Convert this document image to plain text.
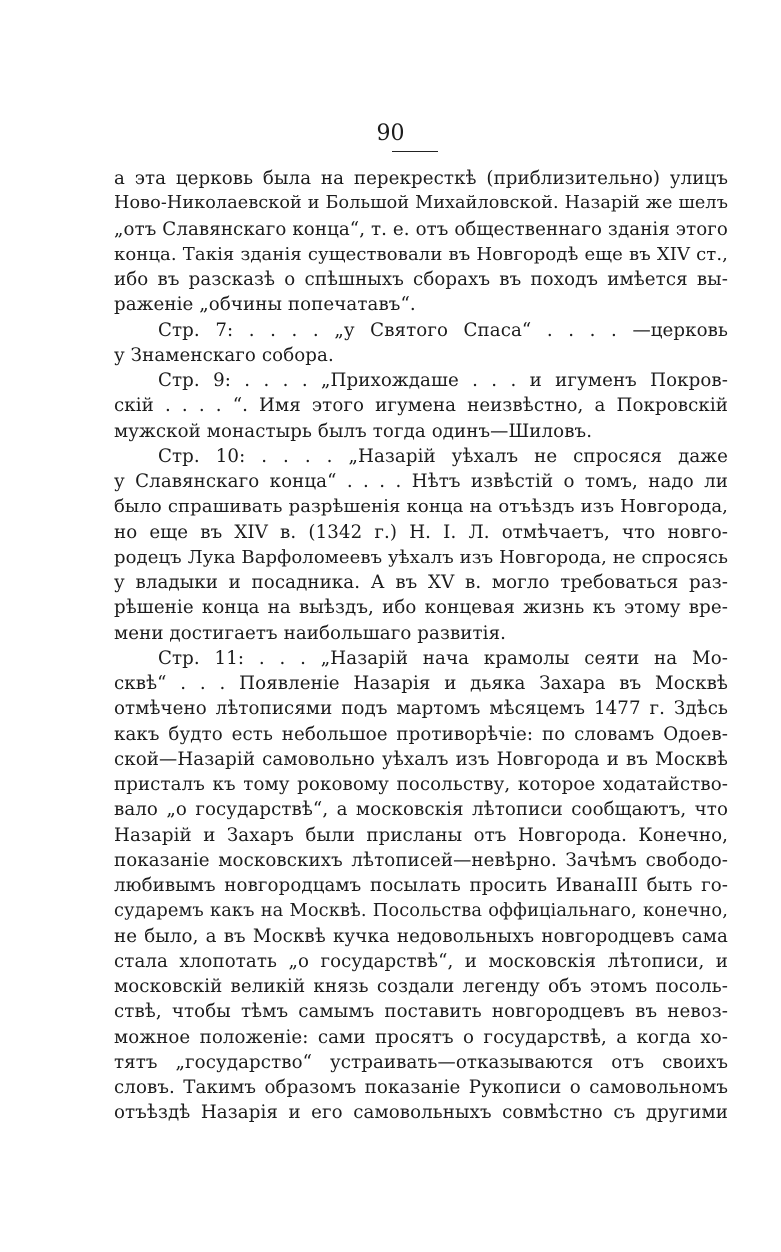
90
а эта церковь была на перекресткѣ (приблизительно) улицъ
Ново-Николаевской и Большой Михайловской. Назарій же шелъ
„отъ Славянскаго конца“, т. е. отъ общественнаго зданія этого
конца. Такія зданія существовали въ Новгородѣ еще въ XIV ст.,
ибо въ разсказѣ о спѣшныхъ сборахъ въ походъ имѣется вы-
раженіе „обчины попечатавъ“.
Стр. 7: . . . . „у Святого Спаса“ . . . . —церковь
у Знаменскаго собора.
Стр. 9: . . . . „Прихождаше . . . и игуменъ Покров-
скій . . . . “. Имя этого игумена неизвѣстно, а Покровскій
мужской монастырь былъ тогда одинъ—Шиловъ.
Стр. 10: . . . . „Назарій уѣхалъ не спросяся даже
у Славянскаго конца“ . . . . Нѣтъ извѣстій о томъ, надо ли
было спрашивать разрѣшенія конца на отъѣздъ изъ Новгорода,
но еще въ XIV в. (1342 г.) Н. I. Л. отмѣчаетъ, что новго-
родецъ Лука Варфоломеевъ уѣхалъ изъ Новгорода, не спросясь
у владыки и посадника. А въ XV в. могло требоваться раз-
рѣшеніе конца на выѣздъ, ибо концевая жизнь къ этому вре-
мени достигаетъ наибольшаго развитія.
Стр. 11: . . . „Назарій нача крамолы сеяти на Мо-
сквѣ“ . . . Появленіе Назарія и дьяка Захара въ Москвѣ
отмѣчено лѣтописями подъ мартомъ мѣсяцемъ 1477 г. Здѣсь
какъ будто есть небольшое противорѣчіе: по словамъ Одоев-
ской—Назарій самовольно уѣхалъ изъ Новгорода и въ Москвѣ
присталъ къ тому роковому посольству, которое ходатайство-
вало „о государствѣ“, а московскія лѣтописи сообщаютъ, что
Назарій и Захаръ были присланы отъ Новгорода. Конечно,
показаніе московскихъ лѣтописей—невѣрно. Зачѣмъ свободо-
любивымъ новгородцамъ посылать просить ИванаIII быть го-
сударемъ какъ на Москвѣ. Посольства оффиціальнаго, конечно,
не было, а въ Москвѣ кучка недовольныхъ новгородцевъ сама
стала хлопотать „о государствѣ“, и московскія лѣтописи, и
московскій великій князь создали легенду объ этомъ посоль-
ствѣ, чтобы тѣмъ самымъ поставить новгородцевъ въ невоз-
можное положеніе: сами просятъ о государствѣ, а когда хо-
тятъ „государство“ устраивать—отказываются отъ своихъ
словъ. Такимъ образомъ показаніе Рукописи о самовольномъ
отъѣздѣ Назарія и его самовольныхъ совмѣстно съ другими
